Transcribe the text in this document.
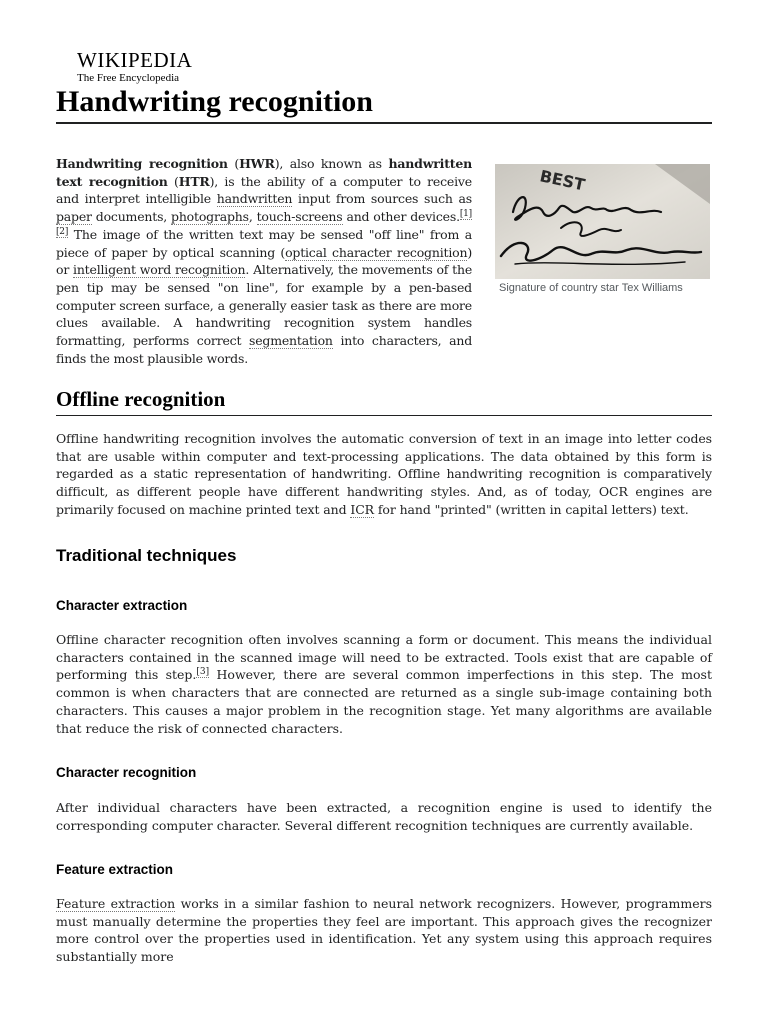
WIKIPEDIA
The Free Encyclopedia
Handwriting recognition

Handwriting recognition (HWR), also known as handwritten text recognition (HTR), is the ability of a computer to receive and interpret intelligible handwritten input from sources such as paper documents, photographs, touch-screens and other devices.[1][2] The image of the written text may be sensed "off line" from a piece of paper by optical scanning (optical character recognition) or intelligent word recognition. Alternatively, the movements of the pen tip may be sensed "on line", for example by a pen-based computer screen surface, a generally easier task as there are more clues available. A handwriting recognition system handles formatting, performs correct segmentation into characters, and finds the most plausible words.

BEST
Signature of country star Tex Williams
Offline recognition

Offline handwriting recognition involves the automatic conversion of text in an image into letter codes that are usable within computer and text-processing applications. The data obtained by this form is regarded as a static representation of handwriting. Offline handwriting recognition is comparatively difficult, as different people have different handwriting styles. And, as of today, OCR engines are primarily focused on machine printed text and ICR for hand "printed" (written in capital letters) text.

Traditional techniques
Character extraction

Offline character recognition often involves scanning a form or document. This means the individual characters contained in the scanned image will need to be extracted. Tools exist that are capable of performing this step.[3] However, there are several common imperfections in this step. The most common is when characters that are connected are returned as a single sub-image containing both characters. This causes a major problem in the recognition stage. Yet many algorithms are available that reduce the risk of connected characters.

Character recognition

After individual characters have been extracted, a recognition engine is used to identify the corresponding computer character. Several different recognition techniques are currently available.

Feature extraction

Feature extraction works in a similar fashion to neural network recognizers. However, programmers must manually determine the properties they feel are important. This approach gives the recognizer more control over the properties used in identification. Yet any system using this approach requires substantially more
